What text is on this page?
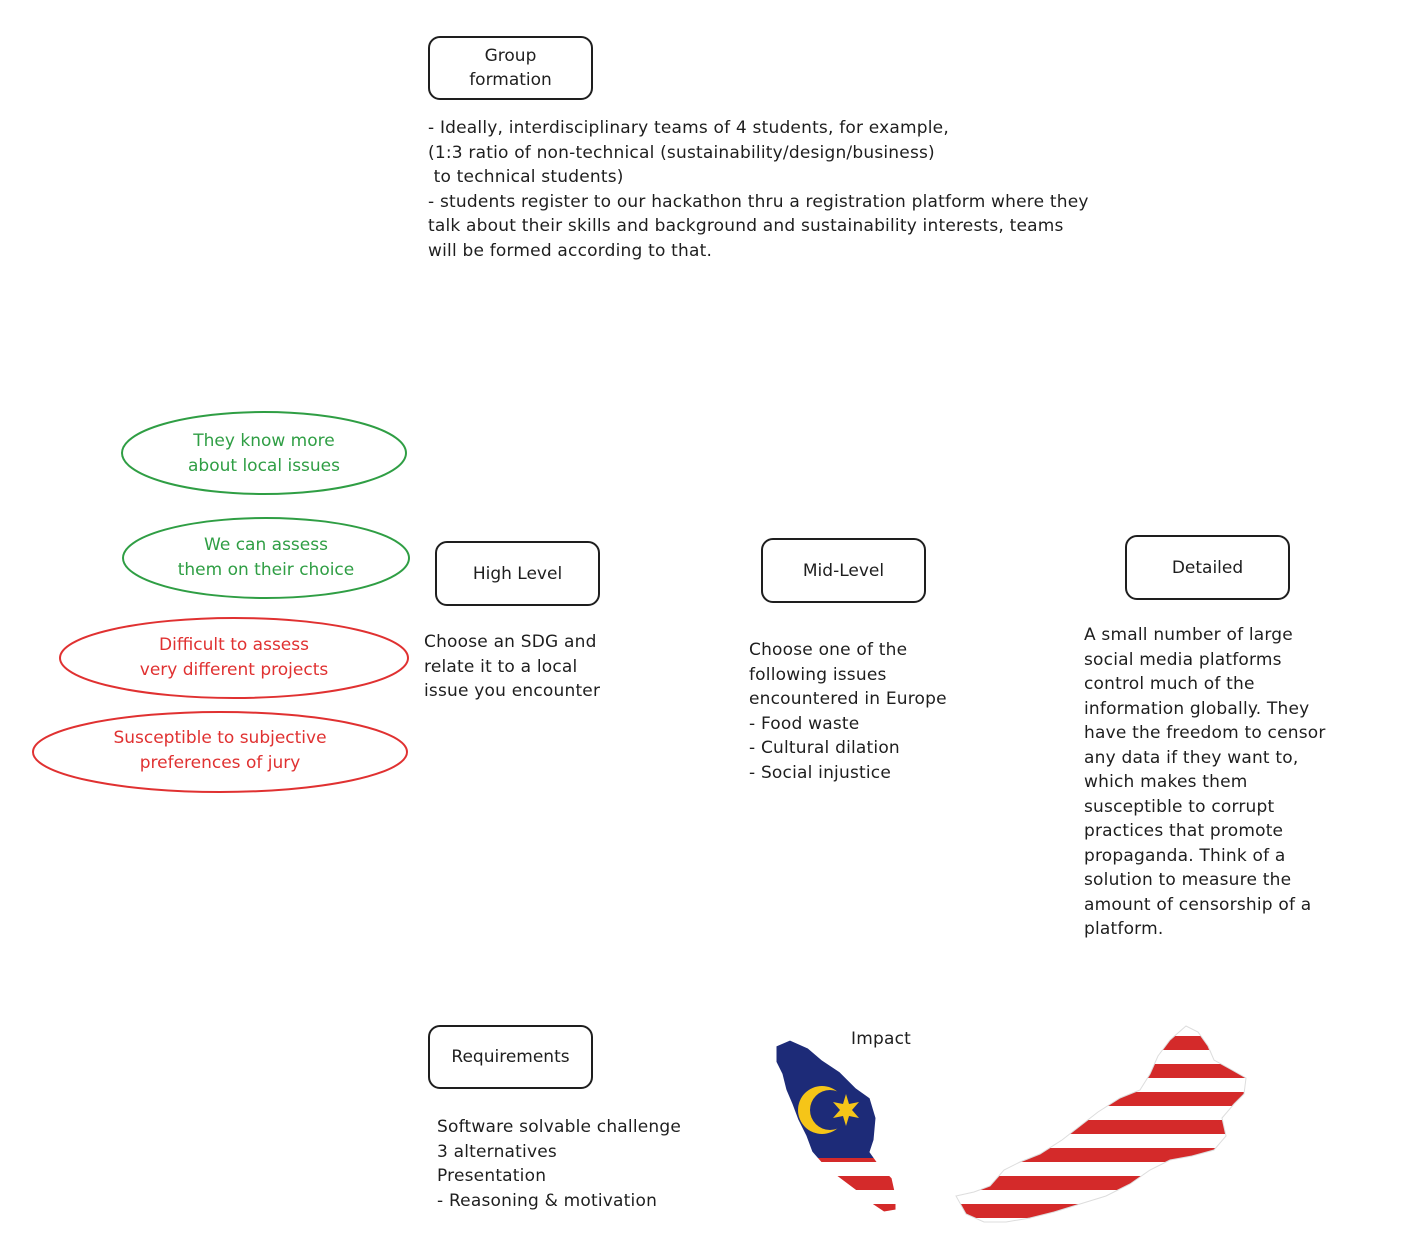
Group
formation
- Ideally, interdisciplinary teams of 4 students, for example,
(1:3 ratio of non-technical (sustainability/design/business)
to technical students)
- students register to our hackathon thru a registration platform where they
talk about their skills and background and sustainability interests, teams
will be formed according to that.
They know more
about local issues
We can assess
them on their choice
Difficult to assess
very different projects
Susceptible to subjective
preferences of jury
High Level
Choose an SDG and
relate it to a local
issue you encounter
Mid-Level
Choose one of the
following issues
encountered in Europe
- Food waste
- Cultural dilation
- Social injustice
Detailed
A small number of large
social media platforms
control much of the
information globally. They
have the freedom to censor
any data if they want to,
which makes them
susceptible to corrupt
practices that promote
propaganda. Think of a
solution to measure the
amount of censorship of a
platform.
Requirements
Software solvable challenge
3 alternatives
Presentation
- Reasoning & motivation
Impact
